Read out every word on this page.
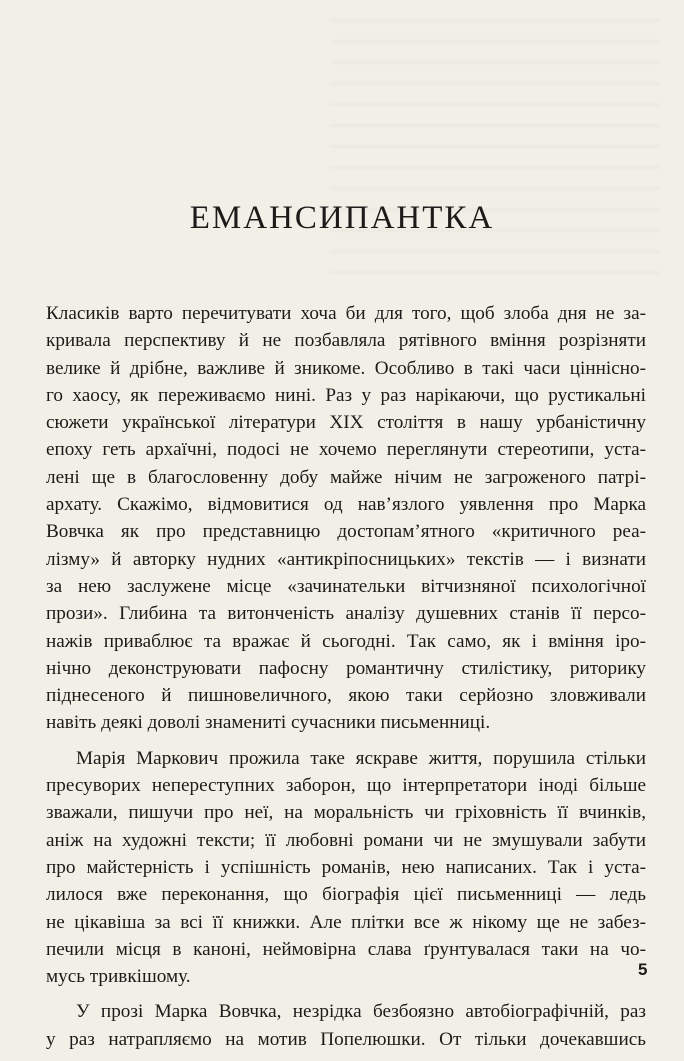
ЕМАНСИПАНТКА
Класиків варто перечитувати хоча би для того, щоб злоба дня не за-
кривала перспективу й не позбавляла рятівного вміння розрізняти
велике й дрібне, важливе й зникоме. Особливо в такі часи ціннісно-
го хаосу, як переживаємо нині. Раз у раз нарікаючи, що рустикальні
сюжети української літератури XIX століття в нашу урбаністичну
епоху геть архаїчні, подосі не хочемо переглянути стереотипи, уста-
лені ще в благословенну добу майже нічим не загроженого патрі-
архату. Скажімо, відмовитися од нав’язлого уявлення про Марка
Вовчка як про представницю достопам’ятного «критичного реа-
лізму» й авторку нудних «антикріпосницьких» текстів — і визнати
за нею заслужене місце «зачинательки вітчизняної психологічної
прози». Глибина та витонченість аналізу душевних станів її персо-
нажів приваблює та вражає й сьогодні. Так само, як і вміння іро-
нічно деконструювати пафосну романтичну стилістику, риторику
піднесеного й пишновеличного, якою таки серйозно зловживали
навіть деякі доволі знамениті сучасники письменниці.
Марія Маркович прожила таке яскраве життя, порушила стільки
пресуворих непереступних заборон, що інтерпретатори іноді більше
зважали, пишучи про неї, на моральність чи гріховність її вчинків,
аніж на художні тексти; її любовні романи чи не змушували забути
про майстерність і успішність романів, нею написаних. Так і уста-
лилося вже переконання, що біографія цієї письменниці — ледь
не цікавіша за всі її книжки. Але плітки все ж нікому ще не забез-
печили місця в каноні, неймовірна слава ґрунтувалася таки на чо-
мусь тривкішому.
У прозі Марка Вовчка, незрідка безбоязно автобіографічній, раз
у раз натрапляємо на мотив Попелюшки. От тільки дочекавшись
5
